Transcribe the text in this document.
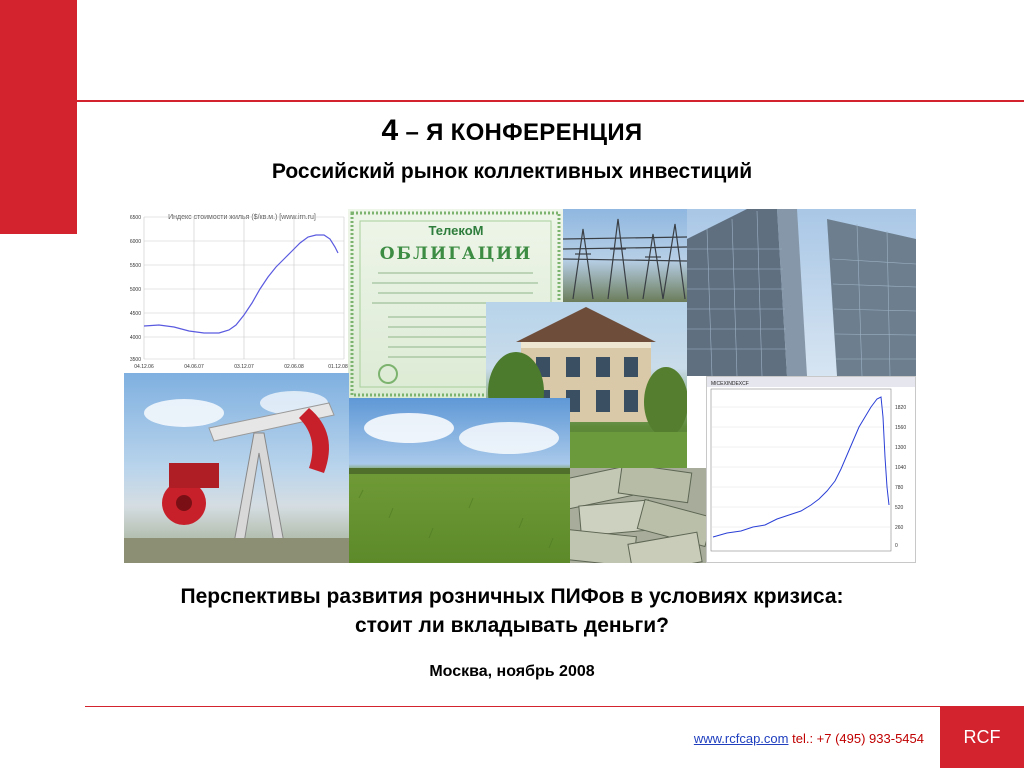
4 – Я КОНФЕРЕНЦИЯ
Российский рынок коллективных инвестиций
Индекс стоимости жилья ($/кв.м.) [www.irn.ru]
6500
6000
5500
5000
4500
4000
3500
04.12.06	04.06.07	03.12.07	02.06.08	01.12.08
ТелекоМ
ОБЛИГАЦИИ
MICEXINDEXCF
1820
1560
1300
1040
780
520
260
0
Перспективы развития розничных ПИФов в условиях кризиса:
стоит ли вкладывать деньги?
Москва, ноябрь 2008
www.rcfcap.com tel.: +7 (495) 933-5454	RCF
